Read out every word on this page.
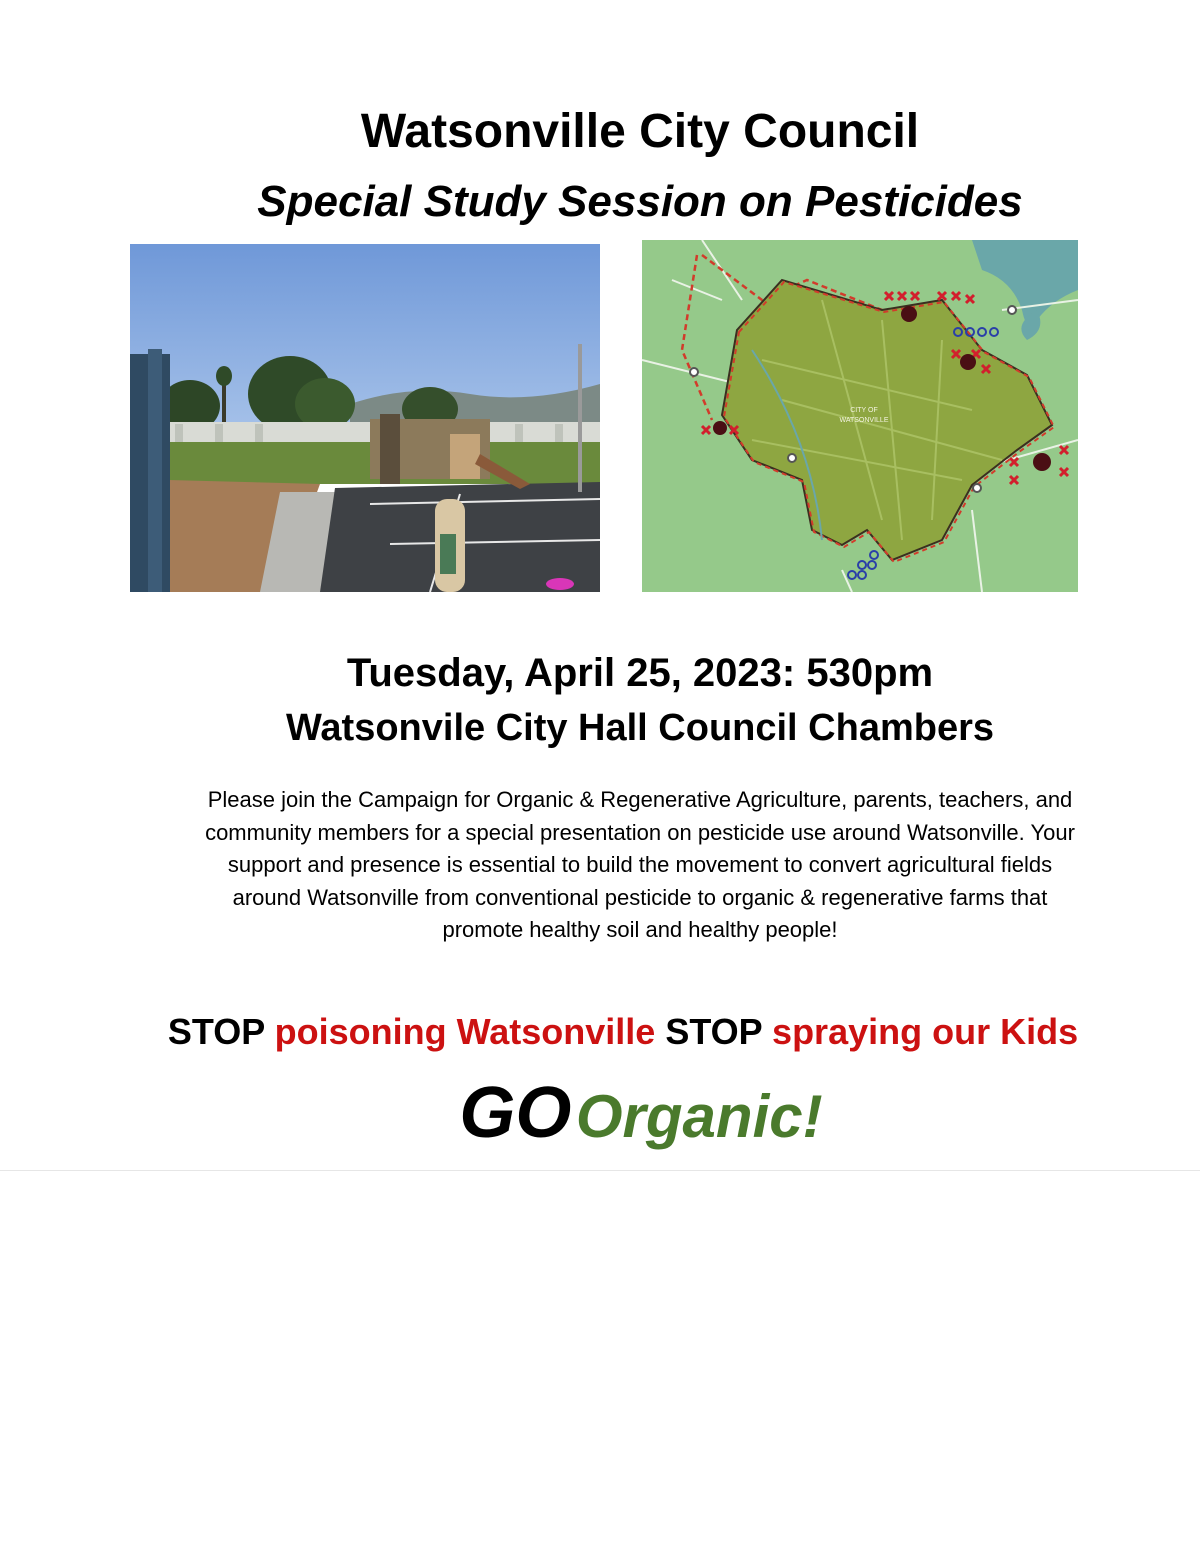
Watsonville City Council
Special Study Session on Pesticides
CITY OF
WATSONVILLE
Tuesday, April 25, 2023: 530pm
Watsonvile City Hall Council Chambers
Please join the Campaign for Organic & Regenerative Agriculture, parents, teachers, and
community members for a special presentation on pesticide use around Watsonville. Your
support and presence is essential to build the movement to convert agricultural fields
around Watsonville from conventional pesticide to organic & regenerative farms that
promote healthy soil and healthy people!
STOP poisoning Watsonville STOP spraying our Kids
GO Organic!
